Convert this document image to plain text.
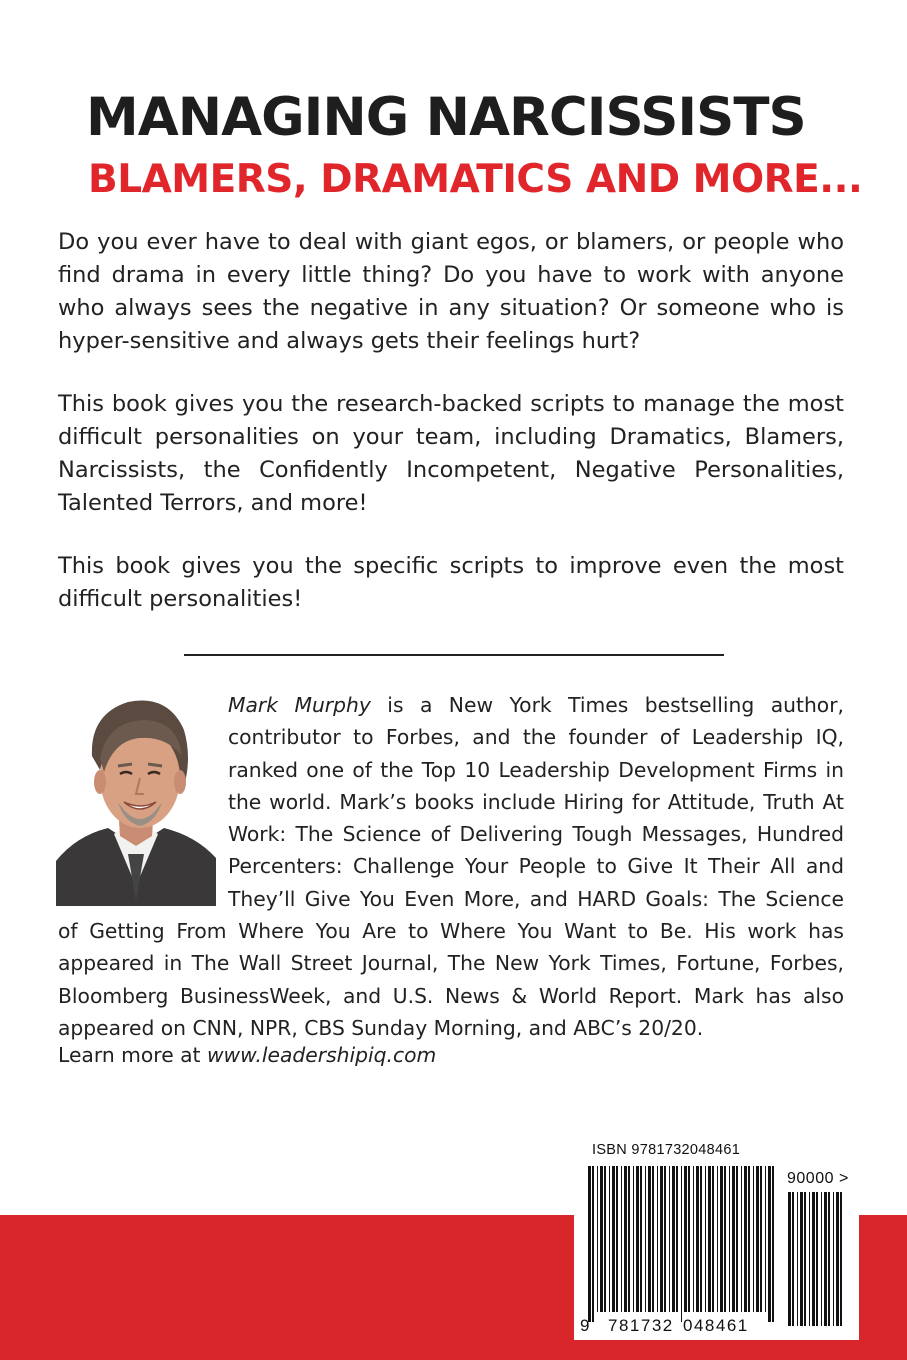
MANAGING NARCISSISTS
BLAMERS, DRAMATICS AND MORE...
Do you ever have to deal with giant egos, or blamers, or people who find drama in every little thing? Do you have to work with anyone who always sees the negative in any situation? Or someone who is hyper-sensitive and always gets their feelings hurt?
This book gives you the research-backed scripts to manage the most difficult personalities on your team, including Dramatics, Blamers, Narcissists, the Confidently Incompetent, Negative Personalities, Talented Terrors, and more!
This book gives you the specific scripts to improve even the most difficult personalities!
Mark Murphy is a New York Times bestselling author, contributor to Forbes, and the founder of Leadership IQ, ranked one of the Top 10 Leadership Development Firms in the world. Mark’s books include Hiring for Attitude, Truth At Work: The Science of Delivering Tough Messages, Hundred Percenters: Challenge Your People to Give It Their All and They’ll Give You Even More, and HARD Goals: The Science of Getting From Where You Are to Where You Want to Be. His work has appeared in The Wall Street Journal, The New York Times, Fortune, Forbes, Bloomberg BusinessWeek, and U.S. News & World Report. Mark has also appeared on CNN, NPR, CBS Sunday Morning, and ABC’s 20/20.
Learn more at www.leadershipiq.com
ISBN 9781732048461
90000 >
9 781732 048461
